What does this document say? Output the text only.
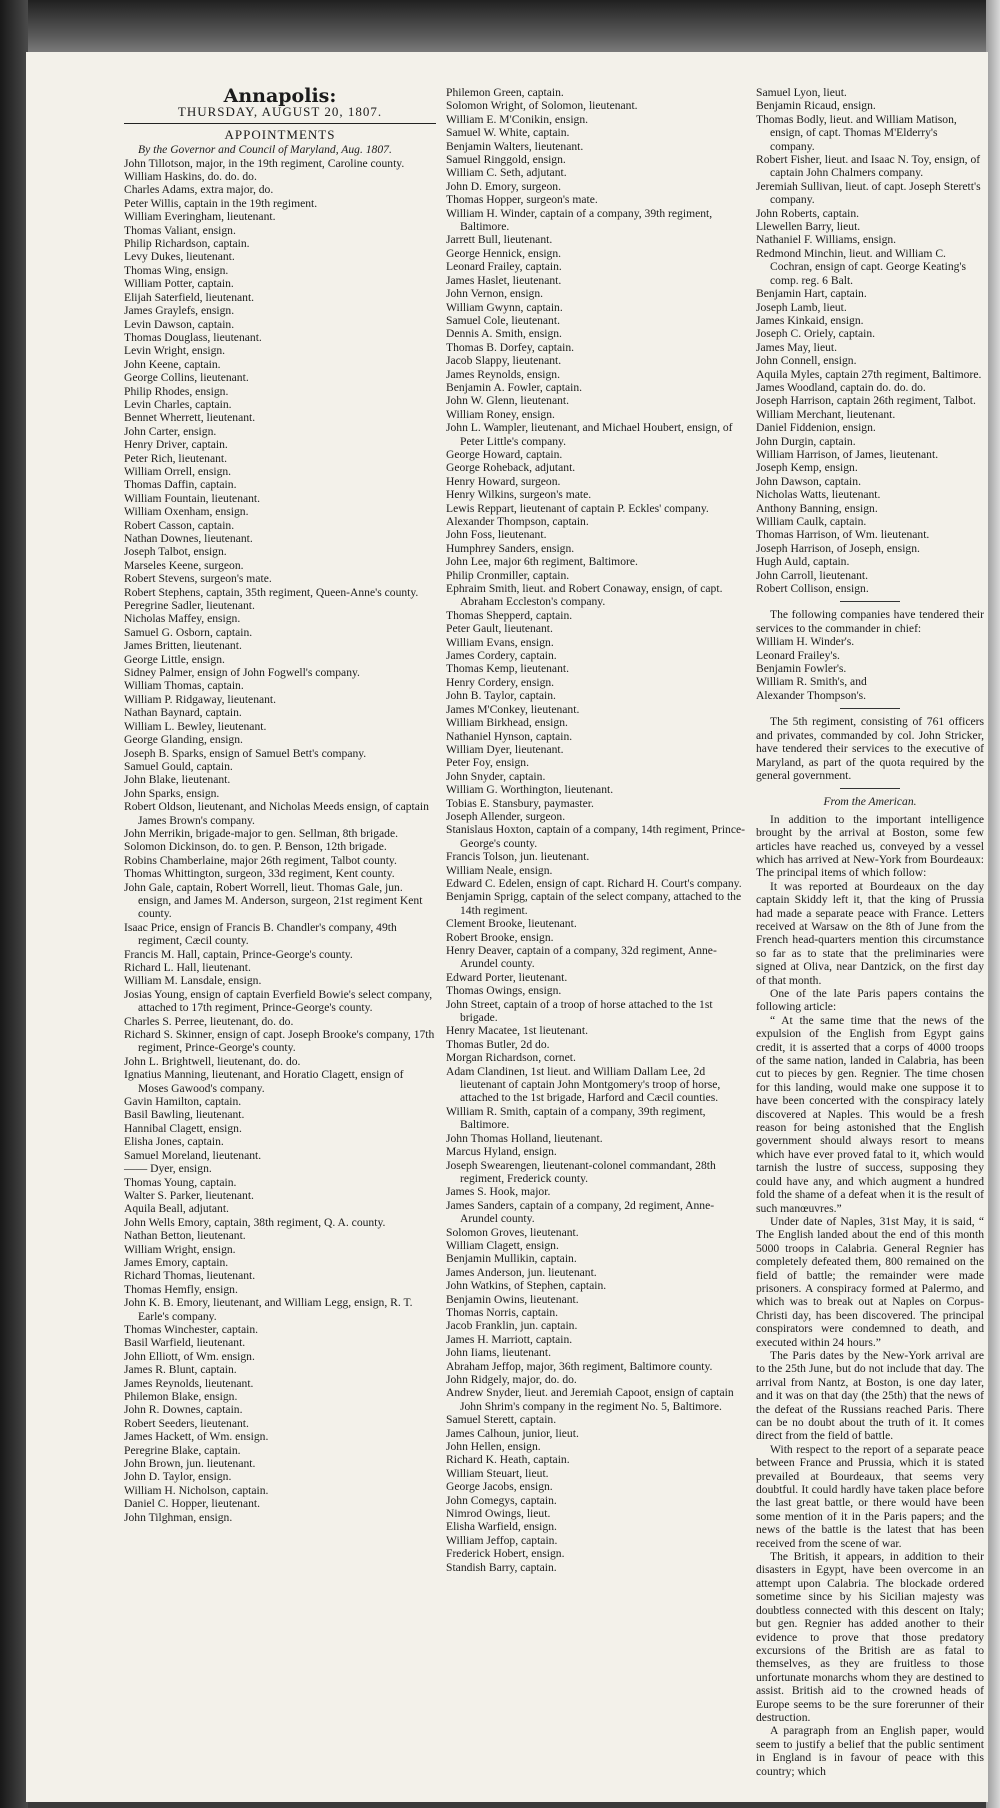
Annapolis:
THURSDAY, AUGUST 20, 1807.
APPOINTMENTS
By the Governor and Council of Maryland, Aug. 1807.
John Tillotson, major, in the 19th regiment, Caroline county.
William Haskins, do. do. do.
Charles Adams, extra major, do.
Peter Willis, captain in the 19th regiment.
William Everingham, lieutenant.
Thomas Valiant, ensign.
Philip Richardson, captain.
Levy Dukes, lieutenant.
Thomas Wing, ensign.
William Potter, captain.
Elijah Saterfield, lieutenant.
James Graylefs, ensign.
Levin Dawson, captain.
Thomas Douglass, lieutenant.
Levin Wright, ensign.
John Keene, captain.
George Collins, lieutenant.
Philip Rhodes, ensign.
Levin Charles, captain.
Bennet Wherrett, lieutenant.
John Carter, ensign.
Henry Driver, captain.
Peter Rich, lieutenant.
William Orrell, ensign.
Thomas Daffin, captain.
William Fountain, lieutenant.
William Oxenham, ensign.
Robert Casson, captain.
Nathan Downes, lieutenant.
Joseph Talbot, ensign.
Marseles Keene, surgeon.
Robert Stevens, surgeon's mate.
Robert Stephens, captain, 35th regiment, Queen-Anne's county.
Peregrine Sadler, lieutenant.
Nicholas Maffey, ensign.
Samuel G. Osborn, captain.
James Britten, lieutenant.
George Little, ensign.
Sidney Palmer, ensign of John Fogwell's company.
William Thomas, captain.
William P. Ridgaway, lieutenant.
Nathan Baynard, captain.
William L. Bewley, lieutenant.
George Glanding, ensign.
Joseph B. Sparks, ensign of Samuel Bett's company.
Samuel Gould, captain.
John Blake, lieutenant.
John Sparks, ensign.
Robert Oldson, lieutenant, and Nicholas Meeds ensign, of captain James Brown's company.
John Merrikin, brigade-major to gen. Sellman, 8th brigade.
Solomon Dickinson, do. to gen. P. Benson, 12th brigade.
Robins Chamberlaine, major 26th regiment, Talbot county.
Thomas Whittington, surgeon, 33d regiment, Kent county.
John Gale, captain, Robert Worrell, lieut. Thomas Gale, jun. ensign, and James M. Anderson, surgeon, 21st regiment Kent county.
Isaac Price, ensign of Francis B. Chandler's company, 49th regiment, Cæcil county.
Francis M. Hall, captain, Prince-George's county.
Richard L. Hall, lieutenant.
William M. Lansdale, ensign.
Josias Young, ensign of captain Everfield Bowie's select company, attached to 17th regiment, Prince-George's county.
Charles S. Perree, lieutenant, do. do.
Richard S. Skinner, ensign of capt. Joseph Brooke's company, 17th regiment, Prince-George's county.
John L. Brightwell, lieutenant, do. do.
Ignatius Manning, lieutenant, and Horatio Clagett, ensign of Moses Gawood's company.
Gavin Hamilton, captain.
Basil Bawling, lieutenant.
Hannibal Clagett, ensign.
Elisha Jones, captain.
Samuel Moreland, lieutenant.
—— Dyer, ensign.
Thomas Young, captain.
Walter S. Parker, lieutenant.
Aquila Beall, adjutant.
John Wells Emory, captain, 38th regiment, Q. A. county.
Nathan Betton, lieutenant.
William Wright, ensign.
James Emory, captain.
Richard Thomas, lieutenant.
Thomas Hemfly, ensign.
John K. B. Emory, lieutenant, and William Legg, ensign, R. T. Earle's company.
Thomas Winchester, captain.
Basil Warfield, lieutenant.
John Elliott, of Wm. ensign.
James R. Blunt, captain.
James Reynolds, lieutenant.
Philemon Blake, ensign.
John R. Downes, captain.
Robert Seeders, lieutenant.
James Hackett, of Wm. ensign.
Peregrine Blake, captain.
John Brown, jun. lieutenant.
John D. Taylor, ensign.
William H. Nicholson, captain.
Daniel C. Hopper, lieutenant.
John Tilghman, ensign.
Philemon Green, captain.
Solomon Wright, of Solomon, lieutenant.
William E. M'Conikin, ensign.
Samuel W. White, captain.
Benjamin Walters, lieutenant.
Samuel Ringgold, ensign.
William C. Seth, adjutant.
John D. Emory, surgeon.
Thomas Hopper, surgeon's mate.
William H. Winder, captain of a company, 39th regiment, Baltimore.
Jarrett Bull, lieutenant.
George Hennick, ensign.
Leonard Frailey, captain.
James Haslet, lieutenant.
John Vernon, ensign.
William Gwynn, captain.
Samuel Cole, lieutenant.
Dennis A. Smith, ensign.
Thomas B. Dorfey, captain.
Jacob Slappy, lieutenant.
James Reynolds, ensign.
Benjamin A. Fowler, captain.
John W. Glenn, lieutenant.
William Roney, ensign.
John L. Wampler, lieutenant, and Michael Houbert, ensign, of Peter Little's company.
George Howard, captain.
George Roheback, adjutant.
Henry Howard, surgeon.
Henry Wilkins, surgeon's mate.
Lewis Reppart, lieutenant of captain P. Eckles' company.
Alexander Thompson, captain.
John Foss, lieutenant.
Humphrey Sanders, ensign.
John Lee, major 6th regiment, Baltimore.
Philip Cronmiller, captain.
Ephraim Smith, lieut. and Robert Conaway, ensign, of capt. Abraham Eccleston's company.
Thomas Shepperd, captain.
Peter Gault, lieutenant.
William Evans, ensign.
James Cordery, captain.
Thomas Kemp, lieutenant.
Henry Cordery, ensign.
John B. Taylor, captain.
James M'Conkey, lieutenant.
William Birkhead, ensign.
Nathaniel Hynson, captain.
William Dyer, lieutenant.
Peter Foy, ensign.
John Snyder, captain.
William G. Worthington, lieutenant.
Tobias E. Stansbury, paymaster.
Joseph Allender, surgeon.
Stanislaus Hoxton, captain of a company, 14th regiment, Prince-George's county.
Francis Tolson, jun. lieutenant.
William Neale, ensign.
Edward C. Edelen, ensign of capt. Richard H. Court's company.
Benjamin Sprigg, captain of the select company, attached to the 14th regiment.
Clement Brooke, lieutenant.
Robert Brooke, ensign.
Henry Deaver, captain of a company, 32d regiment, Anne-Arundel county.
Edward Porter, lieutenant.
Thomas Owings, ensign.
John Street, captain of a troop of horse attached to the 1st brigade.
Henry Macatee, 1st lieutenant.
Thomas Butler, 2d do.
Morgan Richardson, cornet.
Adam Clandinen, 1st lieut. and William Dallam Lee, 2d lieutenant of captain John Montgomery's troop of horse, attached to the 1st brigade, Harford and Cæcil counties.
William R. Smith, captain of a company, 39th regiment, Baltimore.
John Thomas Holland, lieutenant.
Marcus Hyland, ensign.
Joseph Swearengen, lieutenant-colonel commandant, 28th regiment, Frederick county.
James S. Hook, major.
James Sanders, captain of a company, 2d regiment, Anne-Arundel county.
Solomon Groves, lieutenant.
William Clagett, ensign.
Benjamin Mullikin, captain.
James Anderson, jun. lieutenant.
John Watkins, of Stephen, captain.
Benjamin Owins, lieutenant.
Thomas Norris, captain.
Jacob Franklin, jun. captain.
James H. Marriott, captain.
John Iiams, lieutenant.
Abraham Jeffop, major, 36th regiment, Baltimore county.
John Ridgely, major, do. do.
Andrew Snyder, lieut. and Jeremiah Capoot, ensign of captain John Shrim's company in the regiment No. 5, Baltimore.
Samuel Sterett, captain.
James Calhoun, junior, lieut.
John Hellen, ensign.
Richard K. Heath, captain.
William Steuart, lieut.
George Jacobs, ensign.
John Comegys, captain.
Nimrod Owings, lieut.
Elisha Warfield, ensign.
William Jeffop, captain.
Frederick Hobert, ensign.
Standish Barry, captain.
Samuel Lyon, lieut.
Benjamin Ricaud, ensign.
Thomas Bodly, lieut. and William Matison, ensign, of capt. Thomas M'Elderry's company.
Robert Fisher, lieut. and Isaac N. Toy, ensign, of captain John Chalmers company.
Jeremiah Sullivan, lieut. of capt. Joseph Sterett's company.
John Roberts, captain.
Llewellen Barry, lieut.
Nathaniel F. Williams, ensign.
Redmond Minchin, lieut. and William C. Cochran, ensign of capt. George Keating's comp. reg. 6 Balt.
Benjamin Hart, captain.
Joseph Lamb, lieut.
James Kinkaid, ensign.
Joseph C. Oriely, captain.
James May, lieut.
John Connell, ensign.
Aquila Myles, captain 27th regiment, Baltimore.
James Woodland, captain do. do. do.
Joseph Harrison, captain 26th regiment, Talbot.
William Merchant, lieutenant.
Daniel Fiddenion, ensign.
John Durgin, captain.
William Harrison, of James, lieutenant.
Joseph Kemp, ensign.
John Dawson, captain.
Nicholas Watts, lieutenant.
Anthony Banning, ensign.
William Caulk, captain.
Thomas Harrison, of Wm. lieutenant.
Joseph Harrison, of Joseph, ensign.
Hugh Auld, captain.
John Carroll, lieutenant.
Robert Collison, ensign.

The following companies have tendered their services to the commander in chief:

William H. Winder's.
Leonard Frailey's.
Benjamin Fowler's.
William R. Smith's, and
Alexander Thompson's.

The 5th regiment, consisting of 761 officers and privates, commanded by col. John Stricker, have tendered their services to the executive of Maryland, as part of the quota required by the general government.

From the American.
In addition to the important intelligence brought by the arrival at Boston, some few articles have reached us, conveyed by a vessel which has arrived at New-York from Bourdeaux: The principal items of which follow:
It was reported at Bourdeaux on the day captain Skiddy left it, that the king of Prussia had made a separate peace with France. Letters received at Warsaw on the 8th of June from the French head-quarters mention this circumstance so far as to state that the preliminaries were signed at Oliva, near Dantzick, on the first day of that month.
One of the late Paris papers contains the following article:
“ At the same time that the news of the expulsion of the English from Egypt gains credit, it is asserted that a corps of 4000 troops of the same nation, landed in Calabria, has been cut to pieces by gen. Regnier. The time chosen for this landing, would make one suppose it to have been concerted with the conspiracy lately discovered at Naples. This would be a fresh reason for being astonished that the English government should always resort to means which have ever proved fatal to it, which would tarnish the lustre of success, supposing they could have any, and which augment a hundred fold the shame of a defeat when it is the result of such manœuvres.”
Under date of Naples, 31st May, it is said, “ The English landed about the end of this month 5000 troops in Calabria. General Regnier has completely defeated them, 800 remained on the field of battle; the remainder were made prisoners. A conspiracy formed at Palermo, and which was to break out at Naples on Corpus-Christi day, has been discovered. The principal conspirators were condemned to death, and executed within 24 hours.”
The Paris dates by the New-York arrival are to the 25th June, but do not include that day. The arrival from Nantz, at Boston, is one day later, and it was on that day (the 25th) that the news of the defeat of the Russians reached Paris. There can be no doubt about the truth of it. It comes direct from the field of battle.
With respect to the report of a separate peace between France and Prussia, which it is stated prevailed at Bourdeaux, that seems very doubtful. It could hardly have taken place before the last great battle, or there would have been some mention of it in the Paris papers; and the news of the battle is the latest that has been received from the scene of war.
The British, it appears, in addition to their disasters in Egypt, have been overcome in an attempt upon Calabria. The blockade ordered sometime since by his Sicilian majesty was doubtless connected with this descent on Italy; but gen. Regnier has added another to their evidence to prove that those predatory excursions of the British are as fatal to themselves, as they are fruitless to those unfortunate monarchs whom they are destined to assist. British aid to the crowned heads of Europe seems to be the sure forerunner of their destruction.
A paragraph from an English paper, would seem to justify a belief that the public sentiment in England is in favour of peace with this country; which
